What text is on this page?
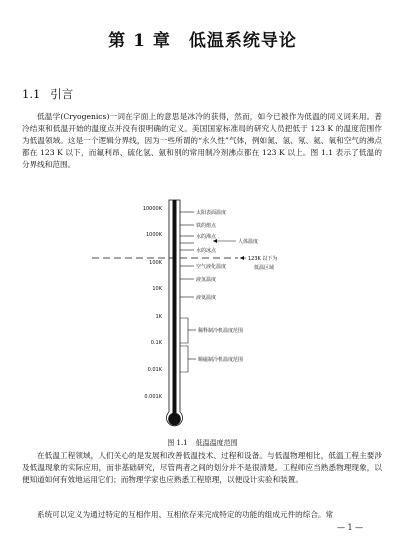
第 1 章　低温系统导论
1.1 引言

低温学(Cryogenics)一词在字面上的意思是冰冷的获得，然而，如今已被作为低温的同义词来用。普冷结束和低温开始的温度点并没有很明确的定义。美国国家标准局的研究人员把低于 123 K 的温度范围作为低温领域。这是一个逻辑分界线，因为一些所谓的“永久性”气体，例如氮、氢、氖、氦、氧和空气的沸点都在 123 K 以下，而氟利昂、硫化氢、氨和别的常用制冷剂沸点都在 123 K 以上。图 1.1 表示了低温的分界线和范围。

10000K
1000K
100K
10K
1K
0.1K
0.01K
0.001K
太阳表面温度
铁的熔点
水的沸点
人体温度
水的冰点
123K 以下为
低温区域
空气液化温度
液氢温度
液氦温度
稀释制冷机温度范围
顺磁制冷机温度范围
图 1.1 低温温度范围

在低温工程领域，人们关心的是发展和改善低温技术、过程和设备。与低温物理相比，低温工程主要涉及低温现象的实际应用，而非基础研究，尽管两者之间的划分并不是很清楚。工程师应当熟悉物理现象，以便知道如何有效地运用它们；而物理学家也应熟悉工程原理，以便设计实验和装置。

系统可以定义为通过特定的互相作用、互相依存来完成特定的功能的组成元件的综合。常

— 1 —
